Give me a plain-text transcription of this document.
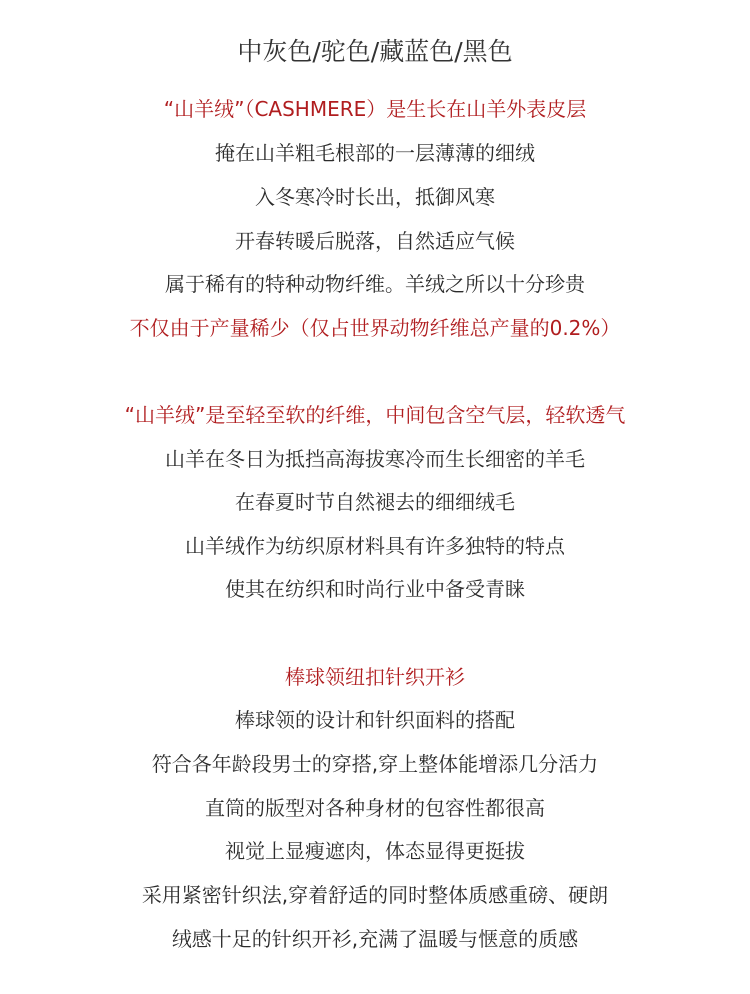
中灰色/驼色/藏蓝色/黑色
“山羊绒”（CASHMERE）是生长在山羊外表皮层
掩在山羊粗毛根部的一层薄薄的细绒
入冬寒冷时长出，抵御风寒
开春转暖后脱落，自然适应气候
属于稀有的特种动物纤维。羊绒之所以十分珍贵
不仅由于产量稀少（仅占世界动物纤维总产量的0.2%）
“山羊绒”是至轻至软的纤维，中间包含空气层，轻软透气
山羊在冬日为抵挡高海拔寒冷而生长细密的羊毛
在春夏时节自然褪去的细细绒毛
山羊绒作为纺织原材料具有许多独特的特点
使其在纺织和时尚行业中备受青睐
棒球领纽扣针织开衫
棒球领的设计和针织面料的搭配
符合各年龄段男士的穿搭,穿上整体能增添几分活力
直筒的版型对各种身材的包容性都很高
视觉上显瘦遮肉，体态显得更挺拔
采用紧密针织法,穿着舒适的同时整体质感重磅、硬朗
绒感十足的针织开衫,充满了温暖与惬意的质感
